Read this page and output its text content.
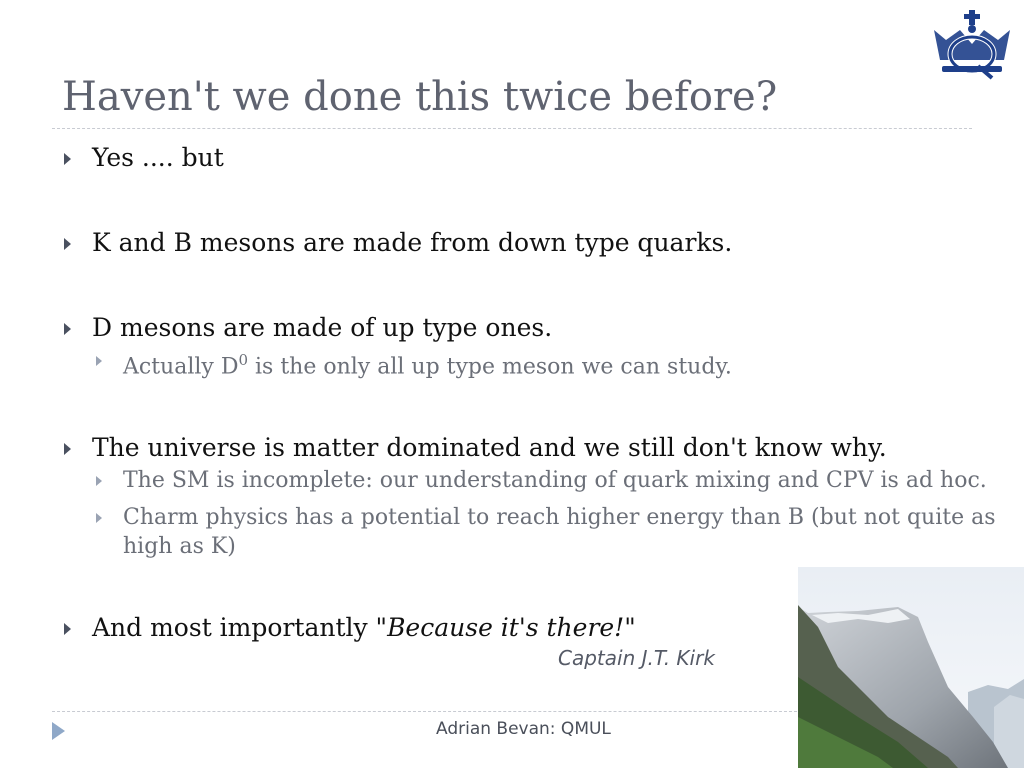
Haven't we done this twice before?
Yes .... but
K and B mesons are made from down type quarks.
D mesons are made of up type ones.
Actually $D^0$ is the only all up type meson we can study.
The universe is matter dominated and we still don't know why.
The SM is incomplete: our understanding of quark mixing and CPV is ad hoc.
Charm physics has a potential to reach higher energy than B (but not quite as high as K)
And most importantly "Because it's there!"
Captain J.T. Kirk
Adrian Bevan: QMUL
